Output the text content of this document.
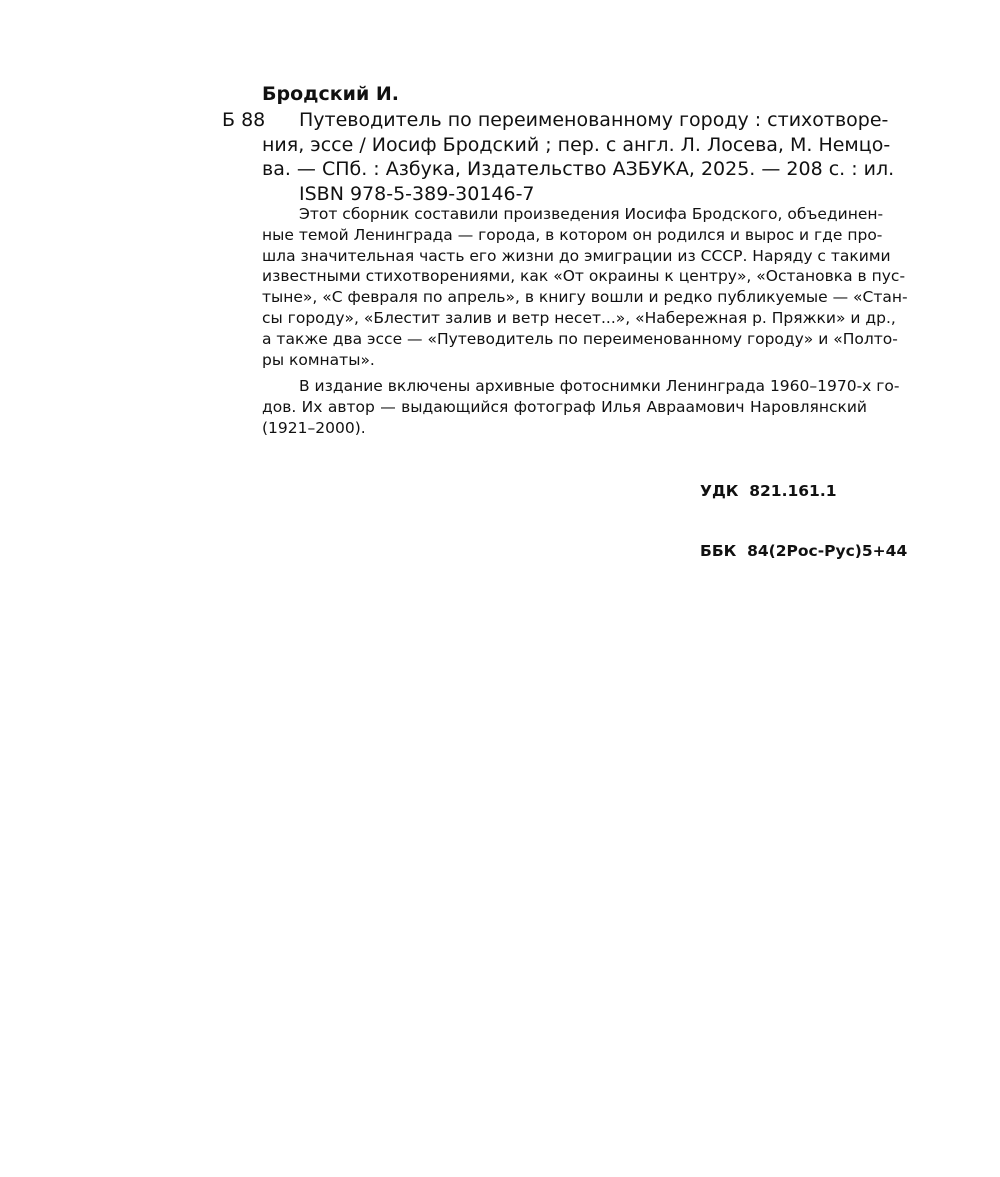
Бродский И.
Б 88	Путеводитель по переименованному городу : стихотворе-
ния, эссе / Иосиф Бродский ; пер. с англ. Л. Лосева, М. Немцо-
ва. — СПб. : Азбука, Издательство АЗБУКА, 2025. — 208 с. : ил.
ISBN 978-5-389-30146-7
Этот сборник составили произведения Иосифа Бродского, объединен-
ные темой Ленинграда — города, в котором он родился и вырос и где про-
шла значительная часть его жизни до эмиграции из СССР. Наряду с такими
известными стихотворениями, как «От окраины к центру», «Остановка в пус-
тыне», «С февраля по апрель», в книгу вошли и редко публикуемые — «Стан-
сы городу», «Блестит залив и ветр несет...», «Набережная р. Пряжки» и др.,
а также два эссе — «Путеводитель по переименованному городу» и «Полто-
ры комнаты».
В издание включены архивные фотоснимки Ленинграда 1960–1970-х го-
дов. Их автор — выдающийся фотограф Илья Авраамович Наровлянский
(1921–2000).

УДК  821.161.1

ББК  84(2Рос-Рус)5+44
